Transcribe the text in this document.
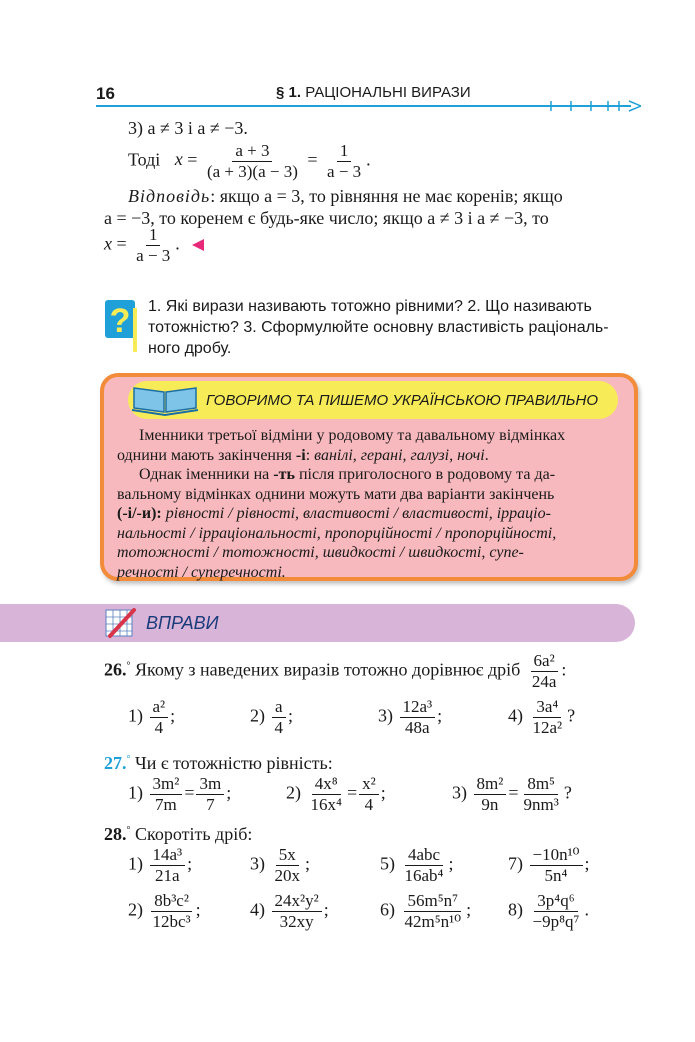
16	§ 1. РАЦІОНАЛЬНІ ВИРАЗИ
3) a ≠ 3 і a ≠ −3.
Тоді $x = \frac{a + 3}{(a + 3)(a - 3)} = \frac{1}{a - 3}$ .
Відповідь: якщо a = 3, то рівняння не має коренів; якщо
a = −3, то коренем є будь-яке число; якщо a ≠ 3 і a ≠ −3, то
$x = \frac{1}{a - 3}$ .
? 1. Які вирази називають тотожно рівними? 2. Що називають
тотожністю? 3. Сформулюйте основну властивість раціональ-
ного дробу.
ГОВОРИМО ТА ПИШЕМО УКРАЇНСЬКОЮ ПРАВИЛЬНО
Іменники третьої відміни у родовому та давальному відмінках
однини мають закінчення -і: ванілі, герані, галузі, ночі.
Однак іменники на -ть після приголосного в родовому та да-
вальному відмінках однини можуть мати два варіанти закінчень
(-і/-и): рівності / рівності, властивості / властивості, ірраціо-
нальності / ірраціональності, пропорційності / пропорційності,
тотожності / тотожності, швидкості / швидкості, супе-
речності / суперечності.
ВПРАВИ
26.° Якому з наведених виразів тотожно дорівнює дріб $\frac{\text{6a²}}{24a}$ :
$1) \frac{\text{a²}}{4}$ ;	$2) \frac{a}{4}$ ;	$3) \frac{\text{12a³}}{48a}$ ;	$4) \frac{\text{3a⁴}}{\text{12a²}}$ ?
27.° Чи є тотожністю рівність:
$1) \frac{\text{3m²}}{7m} = \frac{3m}{7}$ ;	$2) \frac{\text{4x⁸}}{\text{16x⁴}} = \frac{\text{x²}}{4}$ ;	$3) \frac{\text{8m²}}{9n} = \frac{\text{8m⁵}}{\text{9nm³}}$ ?
28.° Скоротіть дріб:
$1) \frac{\text{14a³}}{21a}$ ;	$3) \frac{5x}{20x}$ ;	$5) \frac{\text{4abc}}{\text{16ab⁴}}$ ;	$7) \frac{\text{−10n¹⁰}}{\text{5n⁴}}$ ;
$2) \frac{\text{8b³c²}}{\text{12bc³}}$ ;	$4) \frac{\text{24x²y²}}{32xy}$ ;	$6) \frac{\text{56m⁵n⁷}}{\text{42m⁵n¹⁰}}$ ; $8) \frac{\text{3p⁴q⁶}}{\text{−9p⁸q⁷}}$ .
